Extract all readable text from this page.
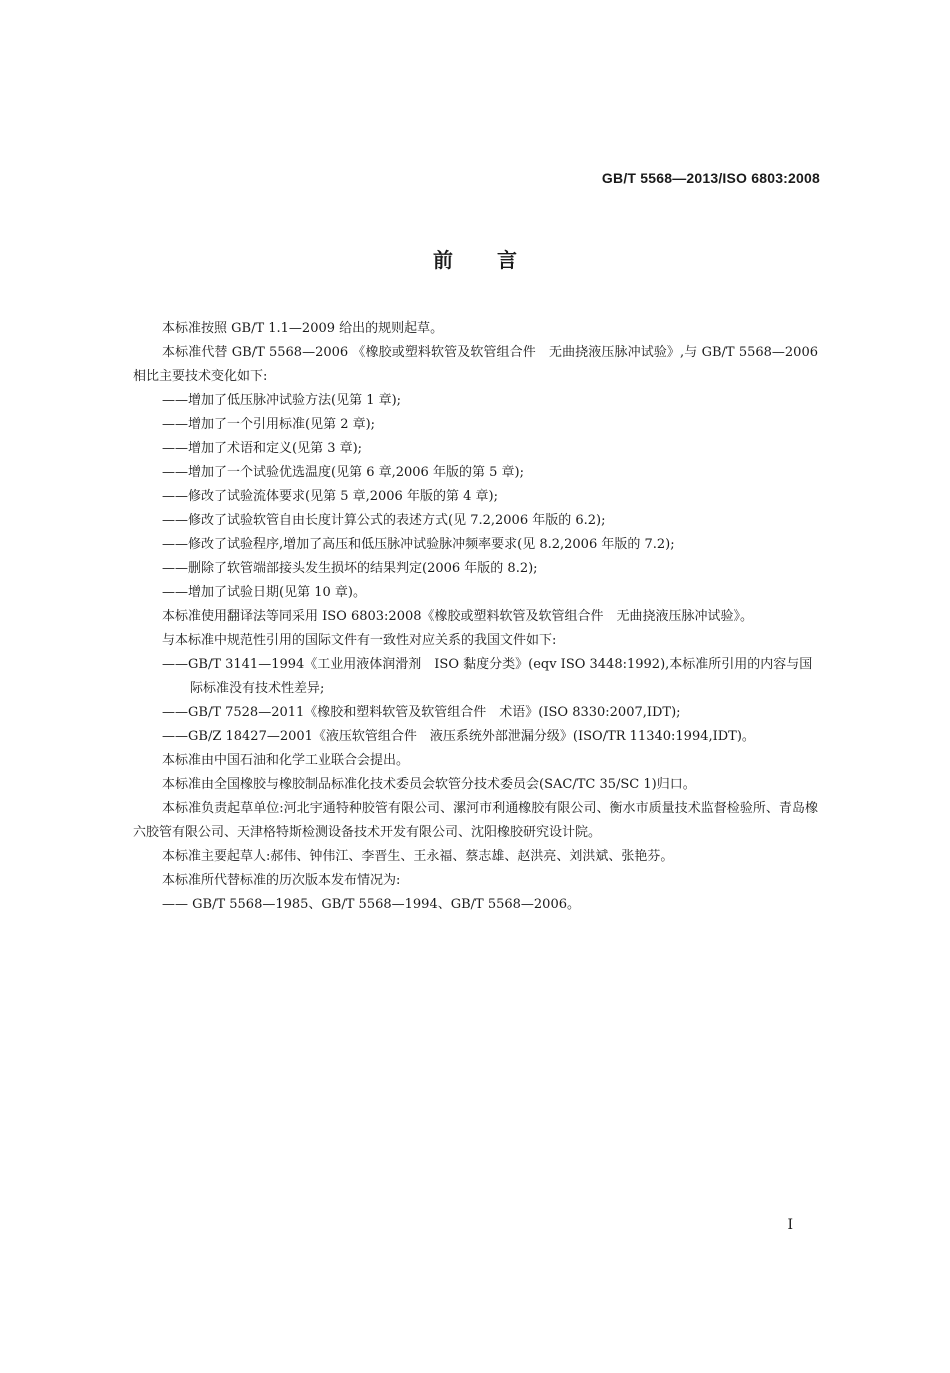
GB/T 5568—2013/ISO 6803:2008
前言

本标准按照 GB/T 1.1—2009 给出的规则起草。

本标准代替 GB/T 5568—2006 《橡胶或塑料软管及软管组合件　无曲挠液压脉冲试验》,与 GB/T 5568—2006 相比主要技术变化如下:

——增加了低压脉冲试验方法(见第 1 章);

——增加了一个引用标准(见第 2 章);

——增加了术语和定义(见第 3 章);

——增加了一个试验优选温度(见第 6 章,2006 年版的第 5 章);

——修改了试验流体要求(见第 5 章,2006 年版的第 4 章);

——修改了试验软管自由长度计算公式的表述方式(见 7.2,2006 年版的 6.2);

——修改了试验程序,增加了高压和低压脉冲试验脉冲频率要求(见 8.2,2006 年版的 7.2);

——删除了软管端部接头发生损坏的结果判定(2006 年版的 8.2);

——增加了试验日期(见第 10 章)。

本标准使用翻译法等同采用 ISO 6803:2008《橡胶或塑料软管及软管组合件　无曲挠液压脉冲试验》。

与本标准中规范性引用的国际文件有一致性对应关系的我国文件如下:

——GB/T 3141—1994《工业用液体润滑剂　ISO 黏度分类》(eqv ISO 3448:1992),本标准所引用的内容与国际标准没有技术性差异;

——GB/T 7528—2011《橡胶和塑料软管及软管组合件　术语》(ISO 8330:2007,IDT);

——GB/Z 18427—2001《液压软管组合件　液压系统外部泄漏分级》(ISO/TR 11340:1994,IDT)。

本标准由中国石油和化学工业联合会提出。

本标准由全国橡胶与橡胶制品标准化技术委员会软管分技术委员会(SAC/TC 35/SC 1)归口。

本标准负责起草单位:河北宇通特种胶管有限公司、漯河市利通橡胶有限公司、衡水市质量技术监督检验所、青岛橡六胶管有限公司、天津格特斯检测设备技术开发有限公司、沈阳橡胶研究设计院。

本标准主要起草人:郝伟、钟伟江、李晋生、王永福、蔡志雄、赵洪亮、刘洪斌、张艳芬。

本标准所代替标准的历次版本发布情况为:

—— GB/T 5568—1985、GB/T 5568—1994、GB/T 5568—2006。

I
